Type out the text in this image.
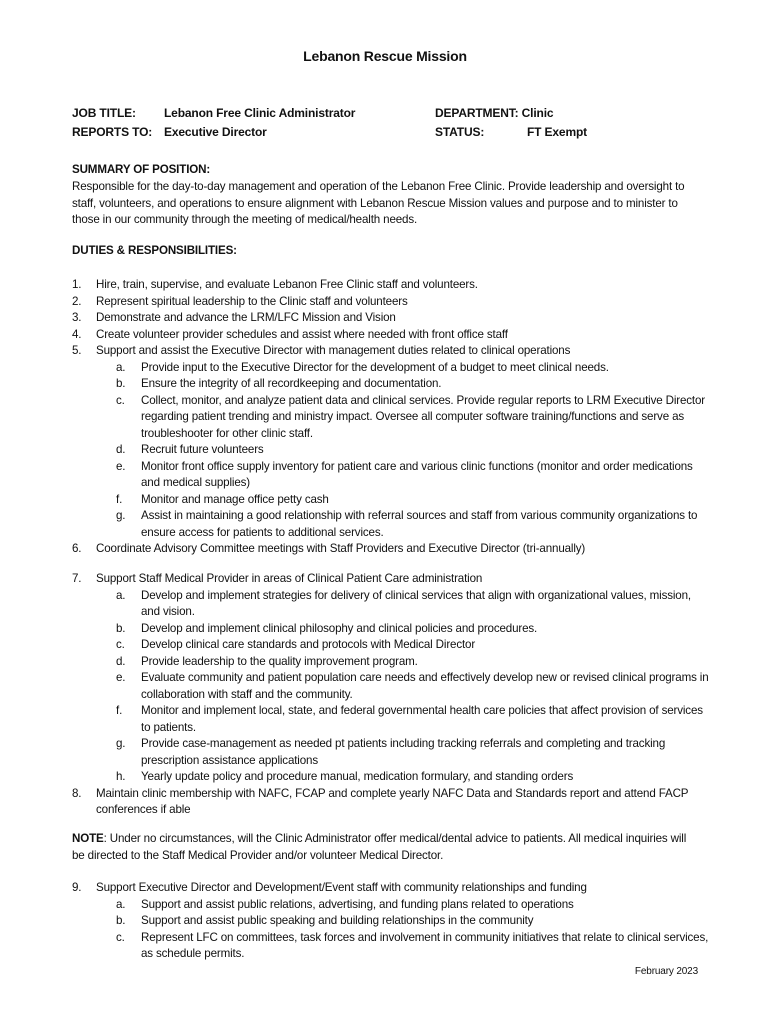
Lebanon Rescue Mission
JOB TITLE: Lebanon Free Clinic Administrator	DEPARTMENT: Clinic
REPORTS TO: Executive Director	STATUS:	FT Exempt
SUMMARY OF POSITION:
Responsible for the day-to-day management and operation of the Lebanon Free Clinic. Provide leadership and oversight to staff, volunteers, and operations to ensure alignment with Lebanon Rescue Mission values and purpose and to minister to those in our community through the meeting of medical/health needs.
DUTIES & RESPONSIBILITIES:
1. Hire, train, supervise, and evaluate Lebanon Free Clinic staff and volunteers.
2. Represent spiritual leadership to the Clinic staff and volunteers
3. Demonstrate and advance the LRM/LFC Mission and Vision
4. Create volunteer provider schedules and assist where needed with front office staff
5. Support and assist the Executive Director with management duties related to clinical operations
a. Provide input to the Executive Director for the development of a budget to meet clinical needs.
b. Ensure the integrity of all recordkeeping and documentation.
c. Collect, monitor, and analyze patient data and clinical services. Provide regular reports to LRM Executive Director regarding patient trending and ministry impact. Oversee all computer software training/functions and serve as troubleshooter for other clinic staff.
d. Recruit future volunteers
e. Monitor front office supply inventory for patient care and various clinic functions (monitor and order medications and medical supplies)
f. Monitor and manage office petty cash
g. Assist in maintaining a good relationship with referral sources and staff from various community organizations to ensure access for patients to additional services.
6. Coordinate Advisory Committee meetings with Staff Providers and Executive Director (tri-annually)
7. Support Staff Medical Provider in areas of Clinical Patient Care administration
a. Develop and implement strategies for delivery of clinical services that align with organizational values, mission, and vision.
b. Develop and implement clinical philosophy and clinical policies and procedures.
c. Develop clinical care standards and protocols with Medical Director
d. Provide leadership to the quality improvement program.
e. Evaluate community and patient population care needs and effectively develop new or revised clinical programs in collaboration with staff and the community.
f. Monitor and implement local, state, and federal governmental health care policies that affect provision of services to patients.
g. Provide case-management as needed pt patients including tracking referrals and completing and tracking prescription assistance applications
h. Yearly update policy and procedure manual, medication formulary, and standing orders
8. Maintain clinic membership with NAFC, FCAP and complete yearly NAFC Data and Standards report and attend FACP conferences if able
NOTE: Under no circumstances, will the Clinic Administrator offer medical/dental advice to patients. All medical inquiries will be directed to the Staff Medical Provider and/or volunteer Medical Director.
9. Support Executive Director and Development/Event staff with community relationships and funding
a. Support and assist public relations, advertising, and funding plans related to operations
b. Support and assist public speaking and building relationships in the community
c. Represent LFC on committees, task forces and involvement in community initiatives that relate to clinical services, as schedule permits.
February 2023
